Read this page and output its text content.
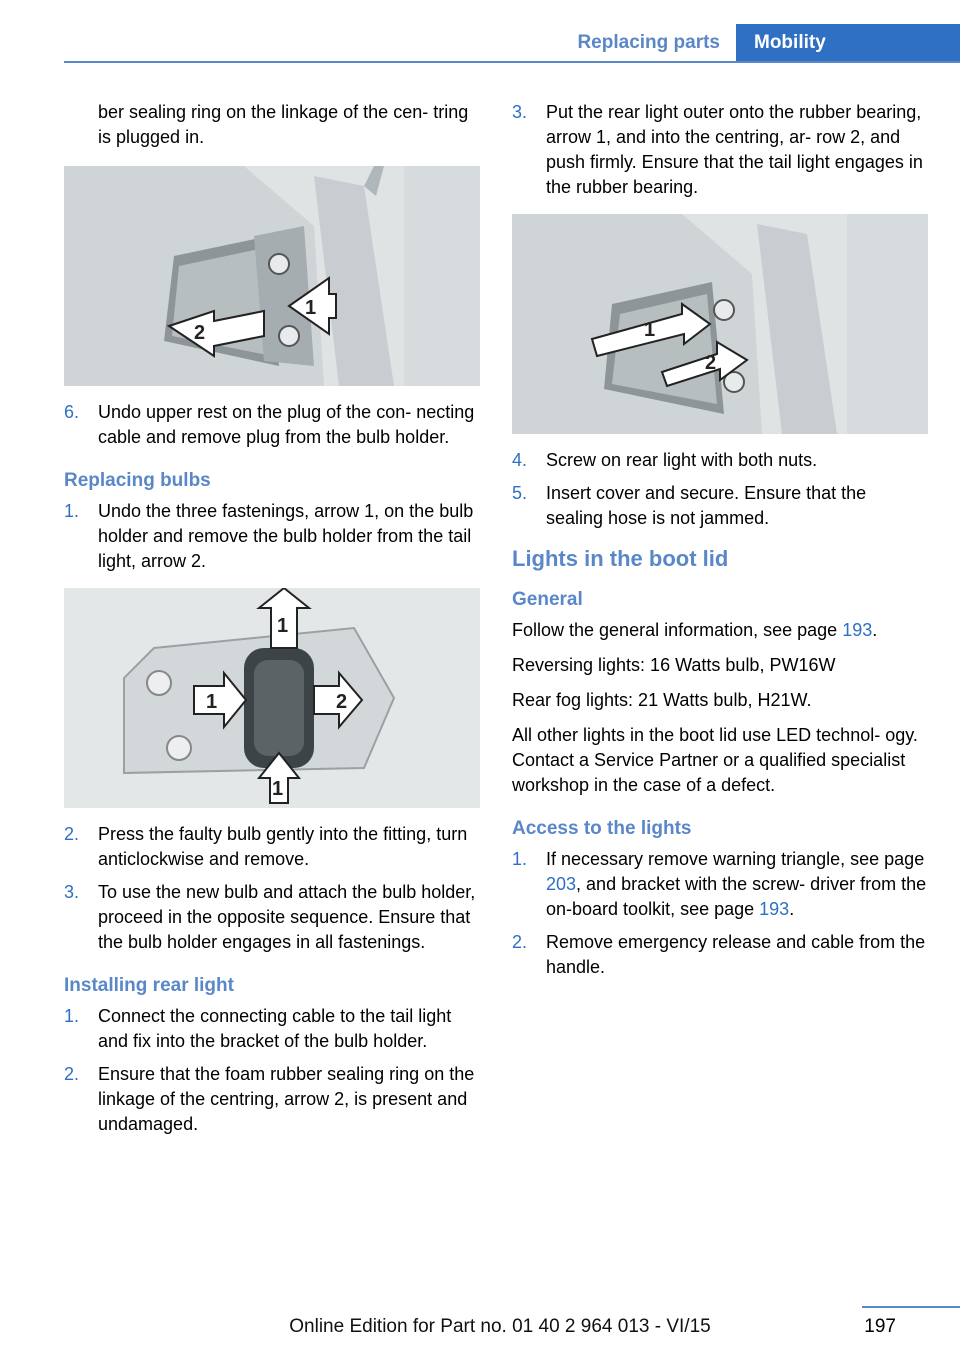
Replacing parts	Mobility

ber sealing ring on the linkage of the cen‐ tring is plugged in.

1
2
6.	Undo upper rest on the plug of the con‐ necting cable and remove plug from the bulb holder.
Replacing bulbs
1.	Undo the three fastenings, arrow 1, on the bulb holder and remove the bulb holder from the tail light, arrow 2.
1
1	2
1
2.	Press the faulty bulb gently into the fitting, turn anticlockwise and remove.
3.	To use the new bulb and attach the bulb holder, proceed in the opposite sequence. Ensure that the bulb holder engages in all fastenings.
Installing rear light
1.	Connect the connecting cable to the tail light and fix into the bracket of the bulb holder.
2.	Ensure that the foam rubber sealing ring on the linkage of the centring, arrow 2, is present and undamaged.
3.	Put the rear light outer onto the rubber bearing, arrow 1, and into the centring, ar‐ row 2, and push firmly. Ensure that the tail light engages in the rubber bearing.
1
2
4.	Screw on rear light with both nuts.
5.	Insert cover and secure. Ensure that the sealing hose is not jammed.
Lights in the boot lid
General

Follow the general information, see page 193.

Reversing lights: 16 Watts bulb, PW16W

Rear fog lights: 21 Watts bulb, H21W.

All other lights in the boot lid use LED technol‐ ogy. Contact a Service Partner or a qualified specialist workshop in the case of a defect.

Access to the lights
1.	If necessary remove warning triangle, see page 203, and bracket with the screw‐ driver from the on-board toolkit, see page 193.
2.	Remove emergency release and cable from the handle.
197
Online Edition for Part no. 01 40 2 964 013 - VI/15
